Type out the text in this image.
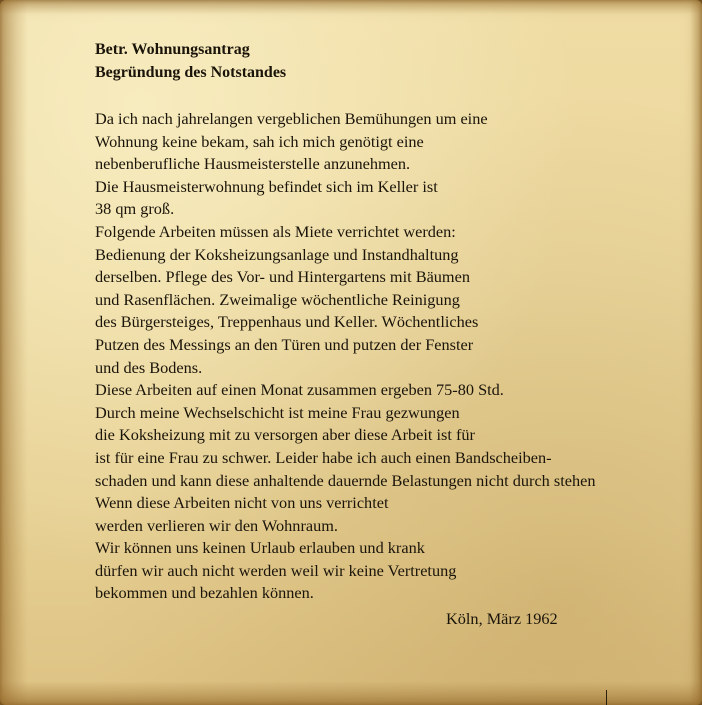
Betr. Wohnungsantrag
Begründung des Notstandes
Da ich nach jahrelangen vergeblichen Bemühungen um eine
Wohnung keine bekam, sah ich mich genötigt eine
nebenberufliche Hausmeisterstelle anzunehmen.
Die Hausmeisterwohnung befindet sich im Keller ist
38 qm groß.
Folgende Arbeiten müssen als Miete verrichtet werden:
Bedienung der Koksheizungsanlage und Instandhaltung
derselben. Pflege des Vor- und Hintergartens mit Bäumen
und Rasenflächen. Zweimalige wöchentliche Reinigung
des Bürgersteiges, Treppenhaus und Keller. Wöchentliches
Putzen des Messings an den Türen und putzen der Fenster
und des Bodens.
Diese Arbeiten auf einen Monat zusammen ergeben 75-80 Std.
Durch meine Wechselschicht ist meine Frau gezwungen
die Koksheizung mit zu versorgen aber diese Arbeit ist für
ist für eine Frau zu schwer. Leider habe ich auch einen Bandscheiben-
schaden und kann diese anhaltende dauernde Belastungen nicht durch stehen
Wenn diese Arbeiten nicht von uns verrichtet
werden verlieren wir den Wohnraum.
Wir können uns keinen Urlaub erlauben und krank
dürfen wir auch nicht werden weil wir keine Vertretung
bekommen und bezahlen können.
Köln, März 1962
